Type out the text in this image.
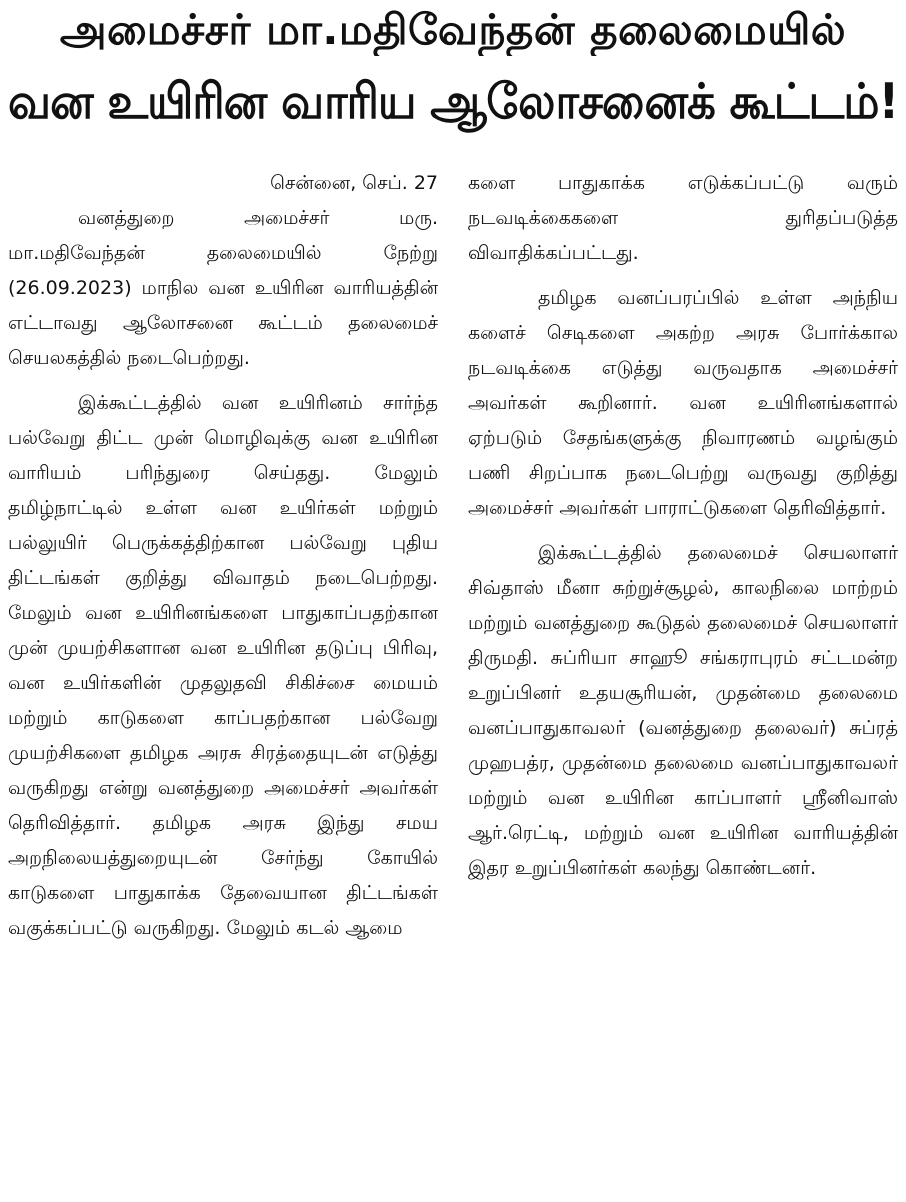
அமைச்சர் மா.மதிவேந்தன் தலைமையில்
வன உயிரின வாரிய ஆலோசனைக் கூட்டம்!
சென்னை, செப். 27

வனத்துறை அமைச்சர் மரு. மா.மதிவேந்தன் தலைமையில் நேற்று (26.09.2023) மாநில வன உயிரின வாரியத்தின் எட்டாவது ஆலோசனை கூட்டம் தலைமைச் செயலகத்தில் நடைபெற்றது.

இக்கூட்டத்தில் வன உயிரினம் சார்ந்த பல்வேறு திட்ட முன் மொழிவுக்கு வன உயிரின வாரியம் பரிந்துரை செய்தது. மேலும் தமிழ்நாட்டில் உள்ள வன உயிர்கள் மற்றும் பல்லுயிர் பெருக்கத்திற்கான பல்வேறு புதிய திட்டங்கள் குறித்து விவாதம் நடைபெற்றது. மேலும் வன உயிரினங்களை பாதுகாப்பதற்கான முன் முயற்சிகளான வன உயிரின தடுப்பு பிரிவு, வன உயிர்களின் முதலுதவி சிகிச்சை மையம் மற்றும் காடுகளை காப்பதற்கான பல்வேறு முயற்சிகளை தமிழக அரசு சிரத்தையுடன் எடுத்து வருகிறது என்று வனத்துறை அமைச்சர் அவர்கள் தெரிவித்தார். தமிழக அரசு இந்து சமய அறநிலையத்துறையுடன் சேர்ந்து கோயில் காடுகளை பாதுகாக்க தேவையான திட்டங்கள் வகுக்கப்பட்டு வருகிறது. மேலும் கடல் ஆமை

களை பாதுகாக்க எடுக்கப்பட்டு வரும் நடவடிக்கைகளை துரிதப்படுத்த விவாதிக்கப்பட்டது.

தமிழக வனப்பரப்பில் உள்ள அந்நிய களைச் செடிகளை அகற்ற அரசு போர்க்கால நடவடிக்கை எடுத்து வருவதாக அமைச்சர் அவர்கள் கூறினார். வன உயிரினங்களால் ஏற்படும் சேதங்களுக்கு நிவாரணம் வழங்கும் பணி சிறப்பாக நடைபெற்று வருவது குறித்து அமைச்சர் அவர்கள் பாராட்டுகளை தெரிவித்தார்.

இக்கூட்டத்தில் தலைமைச் செயலாளர் சிவ்தாஸ் மீனா சுற்றுச்சூழல், காலநிலை மாற்றம் மற்றும் வனத்துறை கூடுதல் தலைமைச் செயலாளர் திருமதி. சுப்ரியா சாஹூ சங்கராபுரம் சட்டமன்ற உறுப்பினர் உதயசூரியன், முதன்மை தலைமை வனப்பாதுகாவலர் (வனத்துறை தலைவர்) சுப்ரத் முஹபத்ர, முதன்மை தலைமை வனப்பாதுகாவலர் மற்றும் வன உயிரின காப்பாளர் ஸ்ரீனிவாஸ் ஆர்.ரெட்டி, மற்றும் வன உயிரின வாரியத்தின் இதர உறுப்பினர்கள் கலந்து கொண்டனர்.
